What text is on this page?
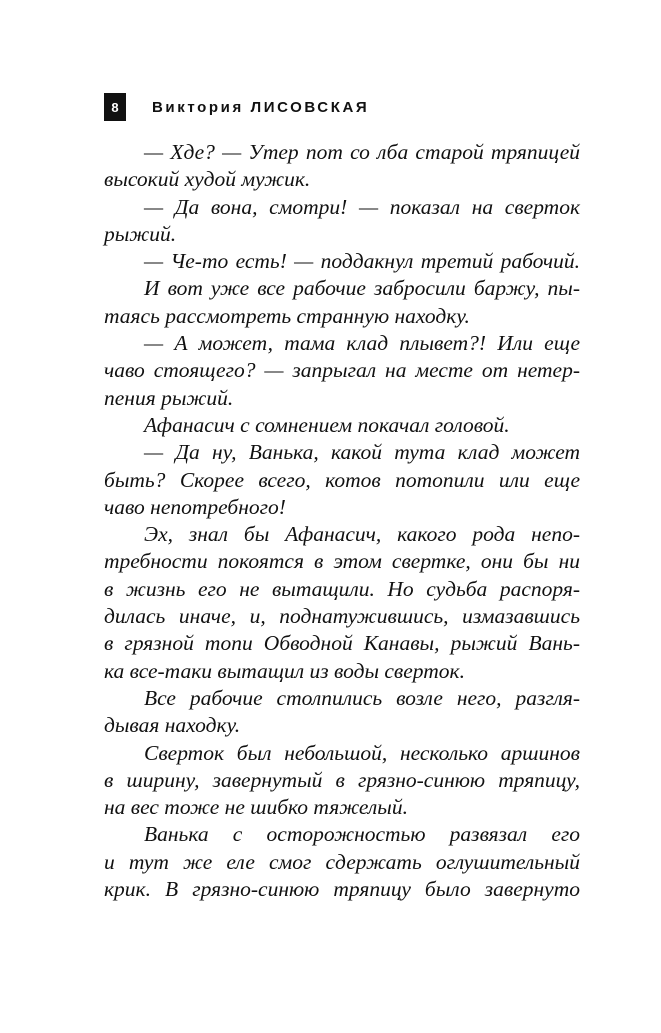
8	Виктория ЛИСОВСКАЯ
— Хде? — Утер пот со лба старой тряпицей
высокий худой мужик.
— Да вона, смотри! — показал на сверток
рыжий.
— Че-то есть! — поддакнул третий рабочий.
И вот уже все рабочие забросили баржу, пы-
таясь рассмотреть странную находку.
— А может, тама клад плывет?! Или еще
чаво стоящего? — запрыгал на месте от нетер-
пения рыжий.
Афанасич с сомнением покачал головой.
— Да ну, Ванька, какой тута клад может
быть? Скорее всего, котов потопили или еще
чаво непотребного!
Эх, знал бы Афанасич, какого рода непо-
требности покоятся в этом свертке, они бы ни
в жизнь его не вытащили. Но судьба распоря-
дилась иначе, и, поднатужившись, измазавшись
в грязной топи Обводной Канавы, рыжий Вань-
ка все-таки вытащил из воды сверток.
Все рабочие столпились возле него, разгля-
дывая находку.
Сверток был небольшой, несколько аршинов
в ширину, завернутый в грязно-синюю тряпицу,
на вес тоже не шибко тяжелый.
Ванька с осторожностью развязал его
и тут же еле смог сдержать оглушительный
крик. В грязно-синюю тряпицу было завернуто
